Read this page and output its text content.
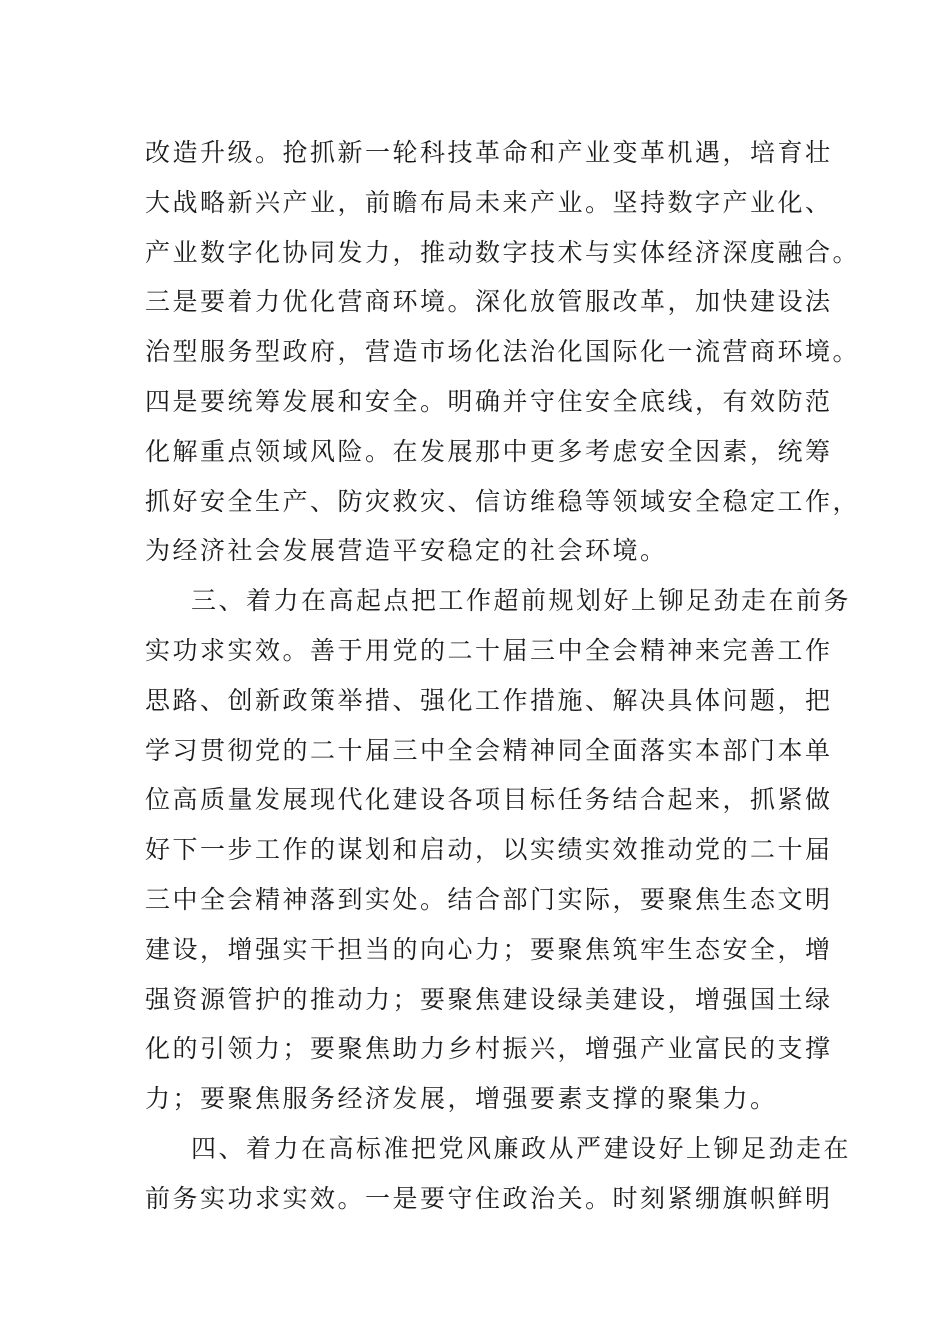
改造升级。抢抓新一轮科技革命和产业变革机遇，培育壮
大战略新兴产业，前瞻布局未来产业。坚持数字产业化、
产业数字化协同发力，推动数字技术与实体经济深度融合。
三是要着力优化营商环境。深化放管服改革，加快建设法
治型服务型政府，营造市场化法治化国际化一流营商环境。
四是要统筹发展和安全。明确并守住安全底线，有效防范
化解重点领域风险。在发展那中更多考虑安全因素，统筹
抓好安全生产、防灾救灾、信访维稳等领域安全稳定工作，
为经济社会发展营造平安稳定的社会环境。
三、着力在高起点把工作超前规划好上铆足劲走在前务
实功求实效。善于用党的二十届三中全会精神来完善工作
思路、创新政策举措、强化工作措施、解决具体问题，把
学习贯彻党的二十届三中全会精神同全面落实本部门本单
位高质量发展现代化建设各项目标任务结合起来，抓紧做
好下一步工作的谋划和启动，以实绩实效推动党的二十届
三中全会精神落到实处。结合部门实际，要聚焦生态文明
建设，增强实干担当的向心力；要聚焦筑牢生态安全，增
强资源管护的推动力；要聚焦建设绿美建设，增强国土绿
化的引领力；要聚焦助力乡村振兴，增强产业富民的支撑
力；要聚焦服务经济发展，增强要素支撑的聚集力。
四、着力在高标准把党风廉政从严建设好上铆足劲走在
前务实功求实效。一是要守住政治关。时刻紧绷旗帜鲜明
